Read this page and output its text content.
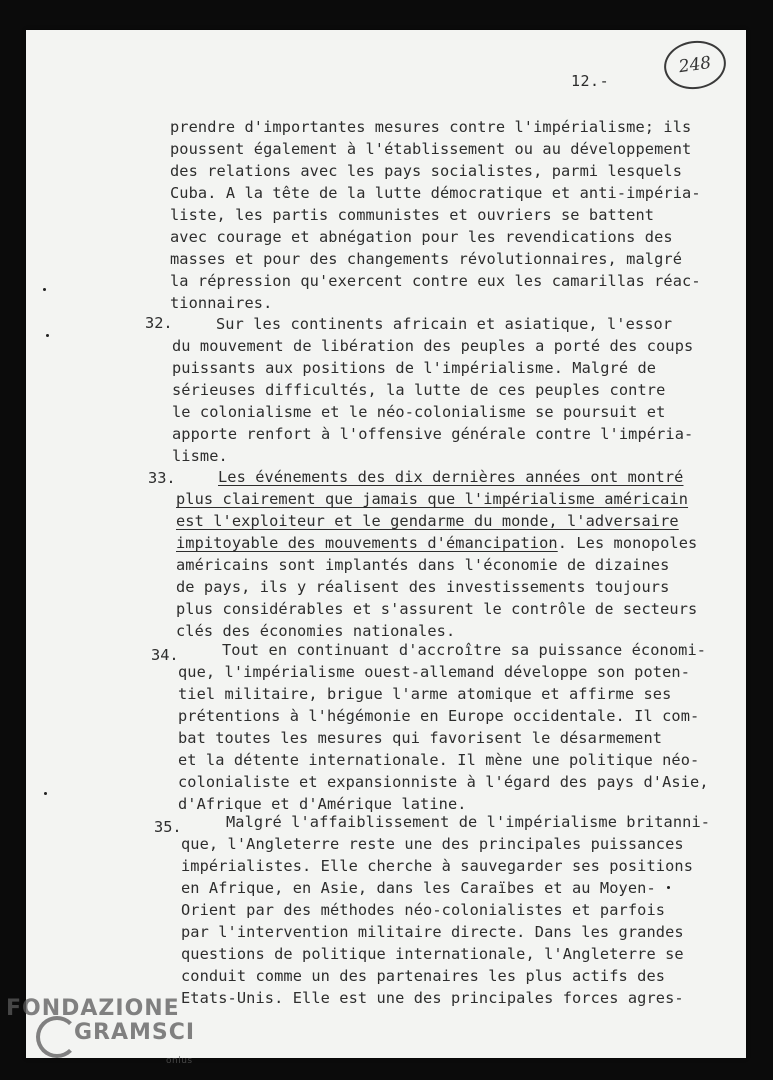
12.-
248
prendre d'importantes mesures contre l'impérialisme; ils
poussent également à l'établissement ou au développement
des relations avec les pays socialistes, parmi lesquels
Cuba. A la tête de la lutte démocratique et anti-impéria-
liste, les partis communistes et ouvriers se battent
avec courage et abnégation pour les revendications des
masses et pour des changements révolutionnaires, malgré
la répression qu'exercent contre eux les camarillas réac-
tionnaires.
32.	Sur les continents africain et asiatique, l'essor
du mouvement de libération des peuples a porté des coups
puissants aux positions de l'impérialisme. Malgré de
sérieuses difficultés, la lutte de ces peuples contre
le colonialisme et le néo-colonialisme se poursuit et
apporte renfort à l'offensive générale contre l'impéria-
lisme.
33.	Les événements des dix dernières années ont montré
plus clairement que jamais que l'impérialisme américain
est l'exploiteur et le gendarme du monde, l'adversaire
impitoyable des mouvements d'émancipation. Les monopoles
américains sont implantés dans l'économie de dizaines
de pays, ils y réalisent des investissements toujours
plus considérables et s'assurent le contrôle de secteurs
clés des économies nationales.
34.	Tout en continuant d'accroître sa puissance économi-
que, l'impérialisme ouest-allemand développe son poten-
tiel militaire, brigue l'arme atomique et affirme ses
prétentions à l'hégémonie en Europe occidentale. Il com-
bat toutes les mesures qui favorisent le désarmement
et la détente internationale. Il mène une politique néo-
colonialiste et expansionniste à l'égard des pays d'Asie,
d'Afrique et d'Amérique latine.
35.	Malgré l'affaiblissement de l'impérialisme britanni-
que, l'Angleterre reste une des principales puissances
impérialistes. Elle cherche à sauvegarder ses positions
en Afrique, en Asie, dans les Caraïbes et au Moyen-
Orient par des méthodes néo-colonialistes et parfois
par l'intervention militaire directe. Dans les grandes
questions de politique internationale, l'Angleterre se
conduit comme un des partenaires les plus actifs des
Etats-Unis. Elle est une des principales forces agres-
FONDAZIONE
GRAMSCI
onlus
